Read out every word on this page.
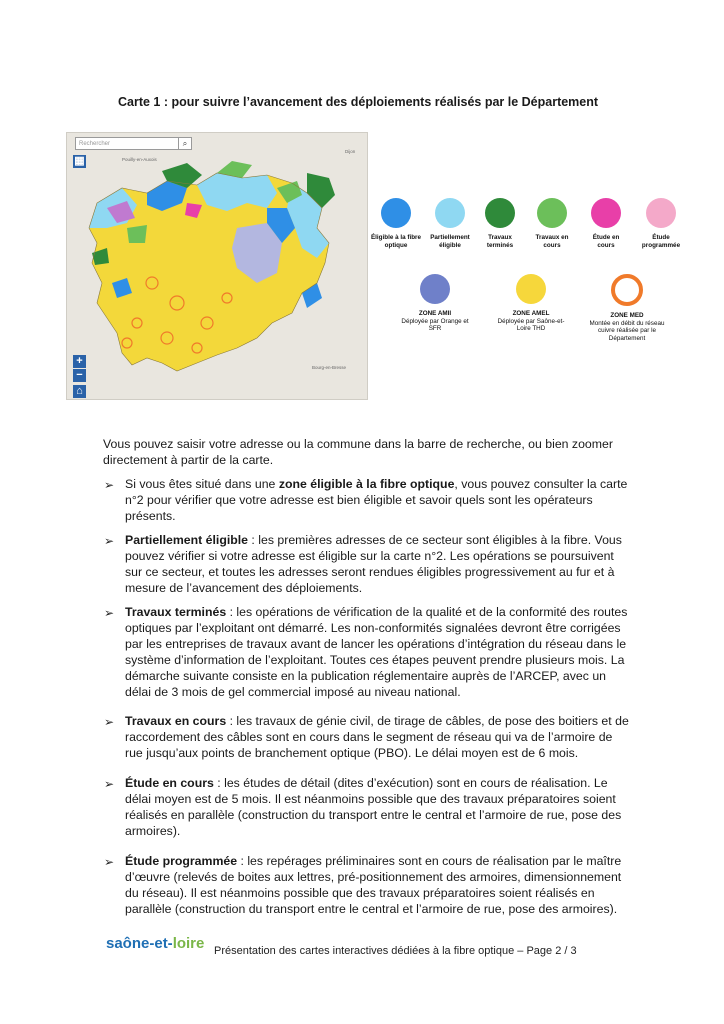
Carte 1 : pour suivre l’avancement des déploiements réalisés par le Département
Rechercher	⌕
▦
+
−
⌂
Pouilly-en-Auxois
Dijon
Bourg-en-Bresse
Éligible à la fibre optique
Partiellement éligible
Travaux terminés
Travaux en cours
Étude en cours
Étude programmée
ZONE AMII
Déployée par Orange et SFR
ZONE AMEL
Déployée par Saône-et-Loire THD
ZONE MED
Montée en débit du réseau cuivre réalisée par le Département
Vous pouvez saisir votre adresse ou la commune dans la barre de recherche, ou bien zoomer directement à partir de la carte.
➢ Si vous êtes situé dans une zone éligible à la fibre optique, vous pouvez consulter la carte n°2 pour vérifier que votre adresse est bien éligible et savoir quels sont les opérateurs présents.
➢ Partiellement éligible : les premières adresses de ce secteur sont éligibles à la fibre. Vous pouvez vérifier si votre adresse est éligible sur la carte n°2. Les opérations se poursuivent sur ce secteur, et toutes les adresses seront rendues éligibles progressivement au fur et à mesure de l’avancement des déploiements.
➢ Travaux terminés : les opérations de vérification de la qualité et de la conformité des routes optiques par l’exploitant ont démarré. Les non-conformités signalées devront être corrigées par les entreprises de travaux avant de lancer les opérations d’intégration du réseau dans le système d’information de l’exploitant. Toutes ces étapes peuvent prendre plusieurs mois. La démarche suivante consiste en la publication réglementaire auprès de l’ARCEP, avec un délai de 3 mois de gel commercial imposé au niveau national.
➢ Travaux en cours : les travaux de génie civil, de tirage de câbles, de pose des boitiers et de raccordement des câbles sont en cours dans le segment de réseau qui va de l’armoire de rue jusqu’aux points de branchement optique (PBO). Le délai moyen est de 6 mois.
➢ Étude en cours : les études de détail (dites d’exécution) sont en cours de réalisation. Le délai moyen est de 5 mois. Il est néanmoins possible que des travaux préparatoires soient réalisés en parallèle (construction du transport entre le central et l’armoire de rue, pose des armoires).
➢ Étude programmée : les repérages préliminaires sont en cours de réalisation par le maître d’œuvre (relevés de boites aux lettres, pré-positionnement des armoires, dimensionnement du réseau). Il est néanmoins possible que des travaux préparatoires soient réalisés en parallèle (construction du transport entre le central et l’armoire de rue, pose des armoires).
saône-et-loire Présentation des cartes interactives dédiées à la fibre optique – Page 2 / 3
